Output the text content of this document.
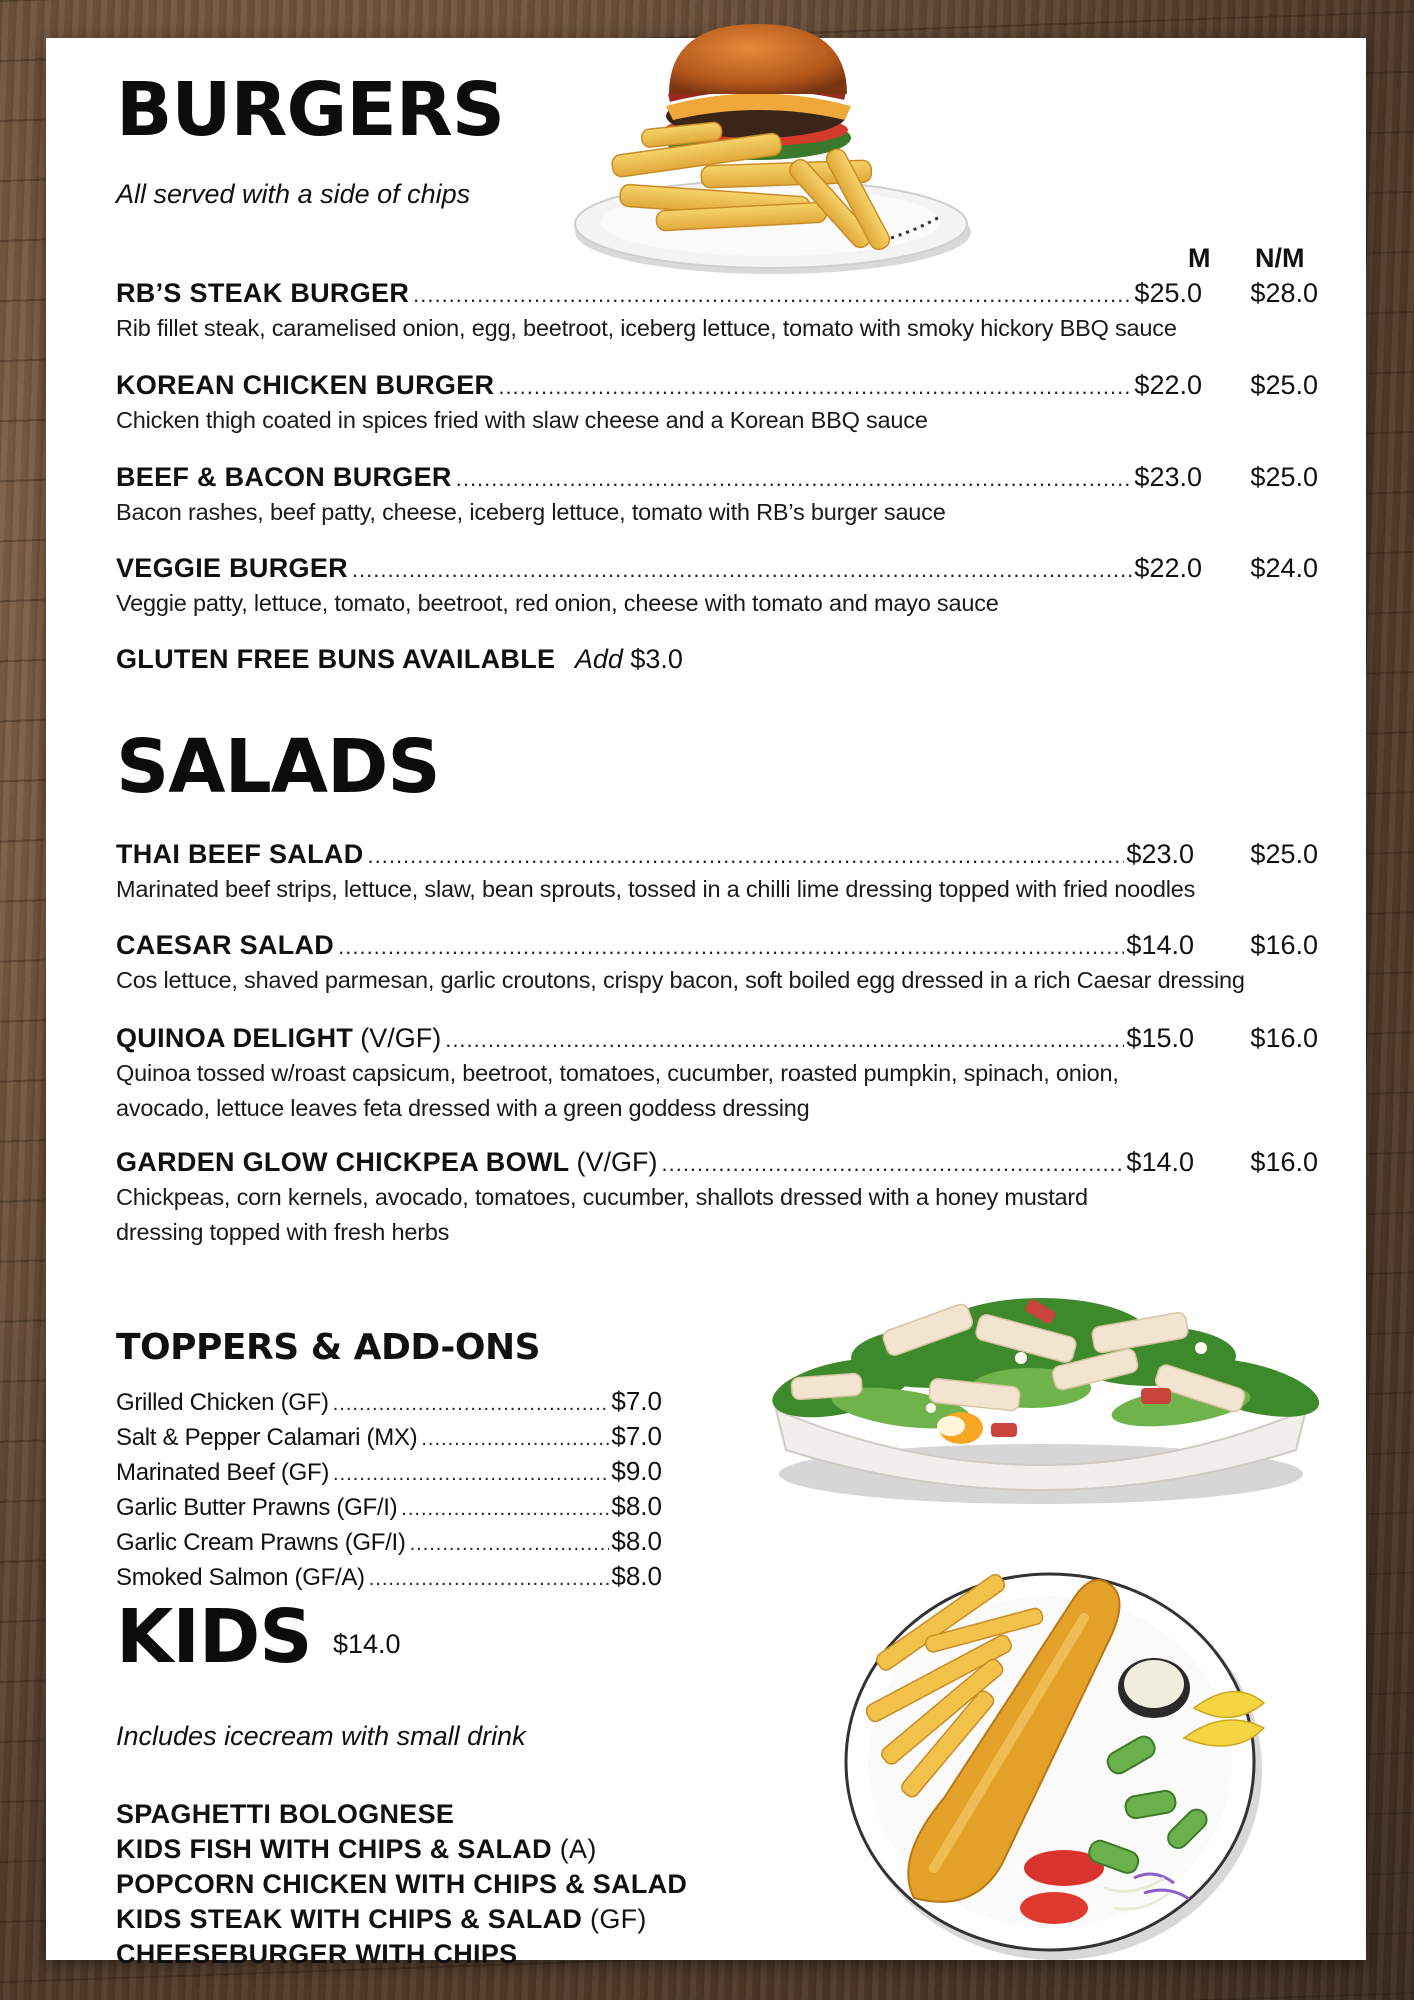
BURGERS
All served with a side of chips
M N/M
RB’S STEAK BURGER .....	$25.0 $28.0
Rib fillet steak, caramelised onion, egg, beetroot, iceberg lettuce, tomato with smoky hickory BBQ sauce
KOREAN CHICKEN BURGER .....	$22.0 $25.0
Chicken thigh coated in spices fried with slaw cheese and a Korean BBQ sauce
BEEF & BACON BURGER .....	$23.0 $25.0
Bacon rashes, beef patty, cheese, iceberg lettuce, tomato with RB’s burger sauce
VEGGIE BURGER .....	$22.0 $24.0
Veggie patty, lettuce, tomato, beetroot, red onion, cheese with tomato and mayo sauce
GLUTEN FREE BUNS AVAILABLE Add $3.0
SALADS
THAI BEEF SALAD .....	$23.0 $25.0
Marinated beef strips, lettuce, slaw, bean sprouts, tossed in a chilli lime dressing topped with fried noodles
CAESAR SALAD .....	$14.0 $16.0
Cos lettuce, shaved parmesan, garlic croutons, crispy bacon, soft boiled egg dressed in a rich Caesar dressing
QUINOA DELIGHT (V/GF) .....	$15.0 $16.0
Quinoa tossed w/roast capsicum, beetroot, tomatoes, cucumber, roasted pumpkin, spinach, onion, avocado, lettuce leaves feta dressed with a green goddess dressing
GARDEN GLOW CHICKPEA BOWL (V/GF) .....	$14.0 $16.0
Chickpeas, corn kernels, avocado, tomatoes, cucumber, shallots dressed with a honey mustard dressing topped with fresh herbs
TOPPERS & ADD-ONS
Grilled Chicken (GF) .....	$7.0
Salt & Pepper Calamari (MX) .....	$7.0
Marinated Beef (GF) .....	$9.0
Garlic Butter Prawns (GF/I) .....	$8.0
Garlic Cream Prawns (GF/I) .....	$8.0
Smoked Salmon (GF/A) .....	$8.0
KIDS $14.0
Includes icecream with small drink
SPAGHETTI BOLOGNESE
KIDS FISH WITH CHIPS & SALAD (A)
POPCORN CHICKEN WITH CHIPS & SALAD
KIDS STEAK WITH CHIPS & SALAD (GF)
CHEESEBURGER WITH CHIPS
